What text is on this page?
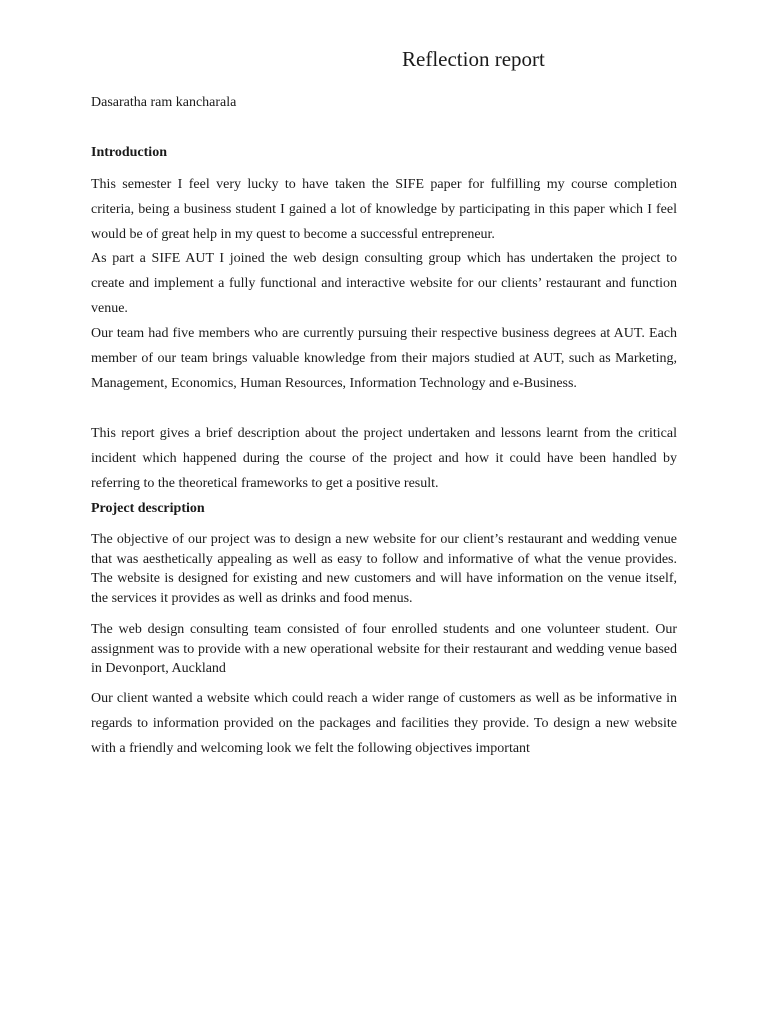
Reflection report
Dasaratha ram kancharala
Introduction

This semester I feel very lucky to have taken the SIFE paper for fulfilling my course completion criteria, being a business student I gained a lot of knowledge by participating in this paper which I feel would be of great help in my quest to become a successful entrepreneur.

As part a SIFE AUT I joined the web design consulting group which has undertaken the project to create and implement a fully functional and interactive website for our clients’ restaurant and function venue.

Our team had five members who are currently pursuing their respective business degrees at AUT. Each member of our team brings valuable knowledge from their majors studied at AUT, such as Marketing, Management, Economics, Human Resources, Information Technology and e-Business.

This report gives a brief description about the project undertaken and lessons learnt from the critical incident which happened during the course of the project and how it could have been handled by referring to the theoretical frameworks to get a positive result.

Project description

The objective of our project was to design a new website for our client’s restaurant and wedding venue that was aesthetically appealing as well as easy to follow and informative of what the venue provides. The website is designed for existing and new customers and will have information on the venue itself, the services it provides as well as drinks and food menus.

The web design consulting team consisted of four enrolled students and one volunteer student. Our assignment was to provide with a new operational website for their restaurant and wedding venue based in Devonport, Auckland

Our client wanted a website which could reach a wider range of customers as well as be informative in regards to information provided on the packages and facilities they provide. To design a new website with a friendly and welcoming look we felt the following objectives important
